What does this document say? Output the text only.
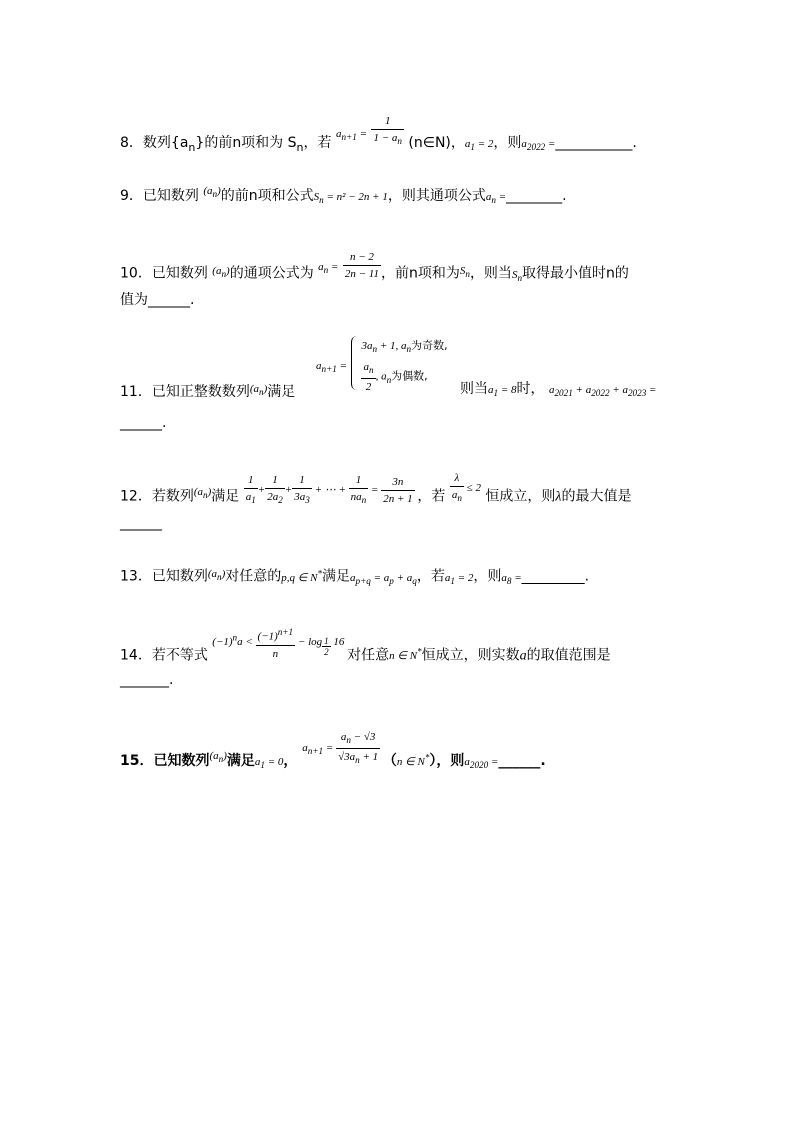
8．数列$\{a_n\}$的前n项和为 $S_n$，若 $^{a_{n+1} =} \frac{1}{1 - a_n}$ (n∈N)，$a_1 = 2$，则$a_{2022}$ =___________.
9．已知数列 $^{(a_n)}$的前n项和公式$S_n = n^2 - 2n + 1$，则其通项公式$a_n$ =________.
10．已知数列 $^{(a_n)}$的通项公式为 $^{a_n =} \frac{n - 2}{2n - 11}$ ，前n项和为$^{S_n}$，则当$S_n$取得最小值时n的
值为______.
$_{a_{n+1} =}$
$3a_n + 1$, $a_n$为奇数,
$\frac{a_n}{2}$ , $a_n$为偶数,
11．已知正整数数列$^{(a_n)}$满足	则当$a_1 = 8$时， $a_{2021} + a_{2022} + a_{2023}$ =
______.
12．若数列$^{(a_n)}$满足 $^{\frac{1}{a_1} + \frac{1}{2a_2} + \frac{1}{3a_3} + \cdots + \frac{1}{na_n} = \frac{3n}{2n + 1}}$ ，若 $^{\frac{\lambda}{a_n} \le 2}$ 恒成立，则λ的最大值是
______
13．已知数列$^{(a_n)}$对任意的p,q ∈ N*满足$a_{p+q} = a_p + a_q$，若$a_1 = 2$，则$a_8$ =_________.
14．若不等式 $^{(-1)^na < \frac{(-1)^{n+1}}{n} - log _{\frac{1}{2}} 16}$ 对任意n ∈ N*恒成立，则实数a的取值范围是
_______.
15．已知数列$^{(a_n)}$满足$a_1 = 0$， $^{a_{n+1} = \frac{a_n - √3}{√3a_n + 1}}$ （n ∈ N*），则$a_{2020}$ =______.
